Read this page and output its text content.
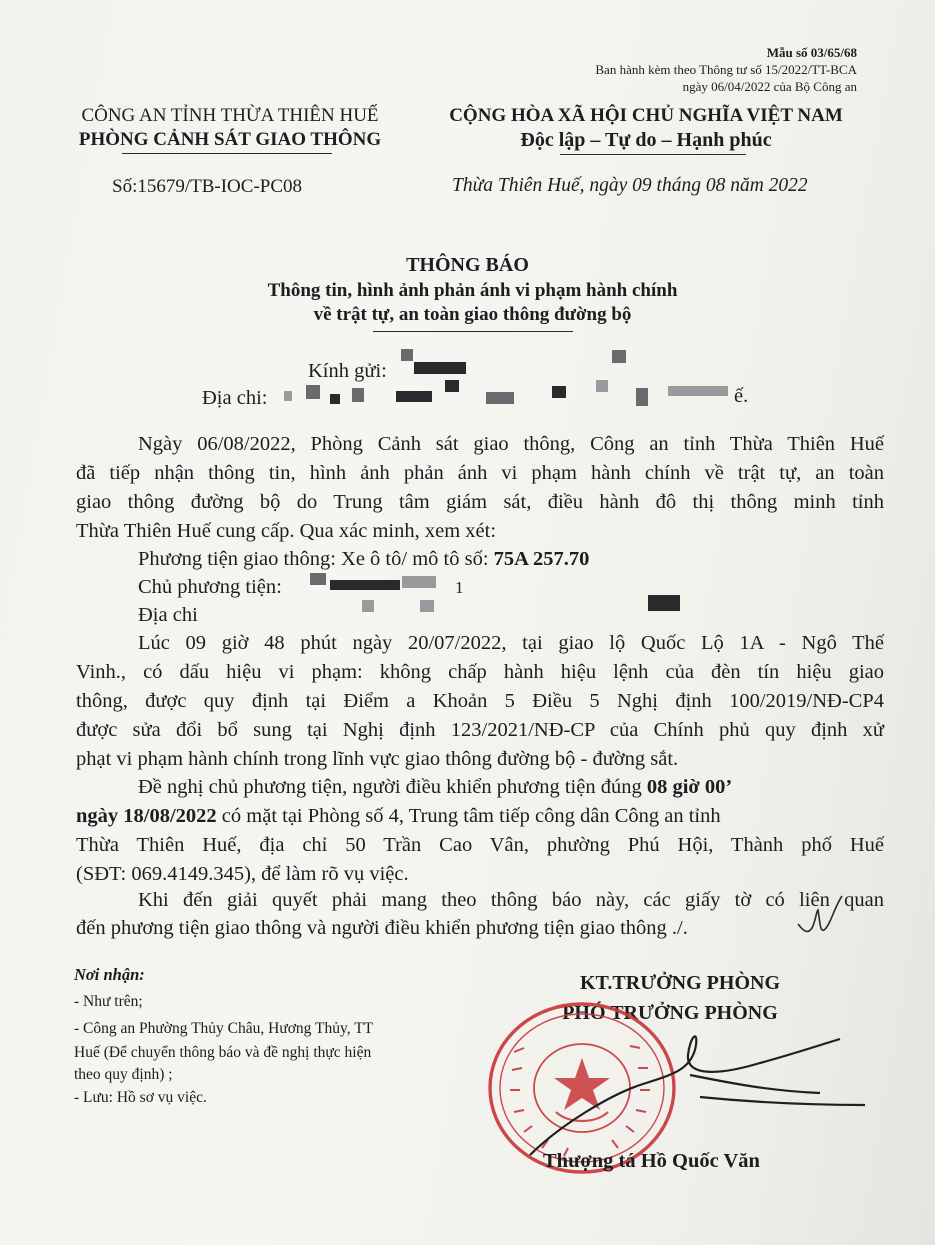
Mẫu số 03/65/68
Ban hành kèm theo Thông tư số 15/2022/TT-BCA
ngày 06/04/2022 của Bộ Công an
CÔNG AN TỈNH THỪA THIÊN HUẾ
PHÒNG CẢNH SÁT GIAO THÔNG
Số:15679/TB-IOC-PC08
CỘNG HÒA XÃ HỘI CHỦ NGHĨA VIỆT NAM
Độc lập – Tự do – Hạnh phúc
Thừa Thiên Huế, ngày 09 tháng 08 năm 2022
THÔNG BÁO
Thông tin, hình ảnh phản ánh vi phạm hành chính
về trật tự, an toàn giao thông đường bộ
Kính gửi:
Địa chi:	ế.
Ngày 06/08/2022, Phòng Cảnh sát giao thông, Công an tỉnh Thừa Thiên Huế
đã tiếp nhận thông tin, hình ảnh phản ánh vi phạm hành chính về trật tự, an toàn
giao thông đường bộ do Trung tâm giám sát, điều hành đô thị thông minh tỉnh
Thừa Thiên Huế cung cấp. Qua xác minh, xem xét:
Phương tiện giao thông: Xe ô tô/ mô tô số: 75A 257.70
Chủ phương tiện:	1
Địa chi
Lúc 09 giờ 48 phút ngày 20/07/2022, tại giao lộ Quốc Lộ 1A - Ngô Thế
Vinh., có dấu hiệu vi phạm: không chấp hành hiệu lệnh của đèn tín hiệu giao
thông, được quy định tại Điểm a Khoản 5 Điều 5 Nghị định 100/2019/NĐ-CP4
được sửa đổi bổ sung tại Nghị định 123/2021/NĐ-CP của Chính phủ quy định xử
phạt vi phạm hành chính trong lĩnh vực giao thông đường bộ - đường sắt.
Đề nghị chủ phương tiện, người điều khiển phương tiện đúng 08 giờ 00’
ngày 18/08/2022 có mặt tại Phòng số 4, Trung tâm tiếp công dân Công an tỉnh
Thừa Thiên Huế, địa chỉ 50 Trần Cao Vân, phường Phú Hội, Thành phố Huế
(SĐT: 069.4149.345), để làm rõ vụ việc.
Khi đến giải quyết phải mang theo thông báo này, các giấy tờ có liên quan
đến phương tiện giao thông và người điều khiển phương tiện giao thông ./.
Nơi nhận:
- Như trên;
- Công an Phường Thủy Châu, Hương Thủy, TT
Huế (Để chuyển thông báo và đề nghị thực hiện
theo quy định) ;
- Lưu: Hồ sơ vụ việc.
KT.TRƯỞNG PHÒNG
PHÓ TRƯỞNG PHÒNG
Thượng tá Hồ Quốc Văn
